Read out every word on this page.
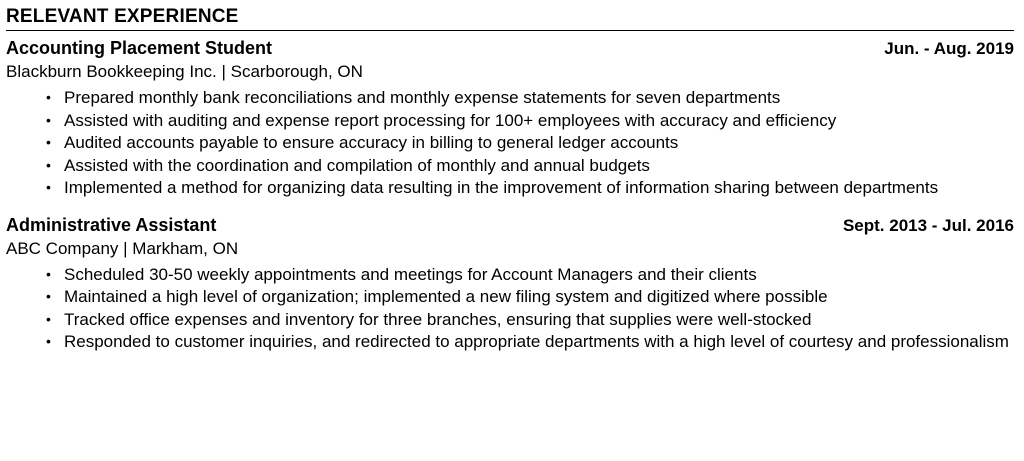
RELEVANT EXPERIENCE
Accounting Placement Student	Jun. - Aug. 2019
Blackburn Bookkeeping Inc. | Scarborough, ON
• Prepared monthly bank reconciliations and monthly expense statements for seven departments
• Assisted with auditing and expense report processing for 100+ employees with accuracy and efficiency
• Audited accounts payable to ensure accuracy in billing to general ledger accounts
• Assisted with the coordination and compilation of monthly and annual budgets
• Implemented a method for organizing data resulting in the improvement of information sharing between departments
Administrative Assistant	Sept. 2013 - Jul. 2016
ABC Company | Markham, ON
• Scheduled 30-50 weekly appointments and meetings for Account Managers and their clients
• Maintained a high level of organization; implemented a new filing system and digitized where possible
• Tracked office expenses and inventory for three branches, ensuring that supplies were well-stocked
• Responded to customer inquiries, and redirected to appropriate departments with a high level of courtesy and professionalism
